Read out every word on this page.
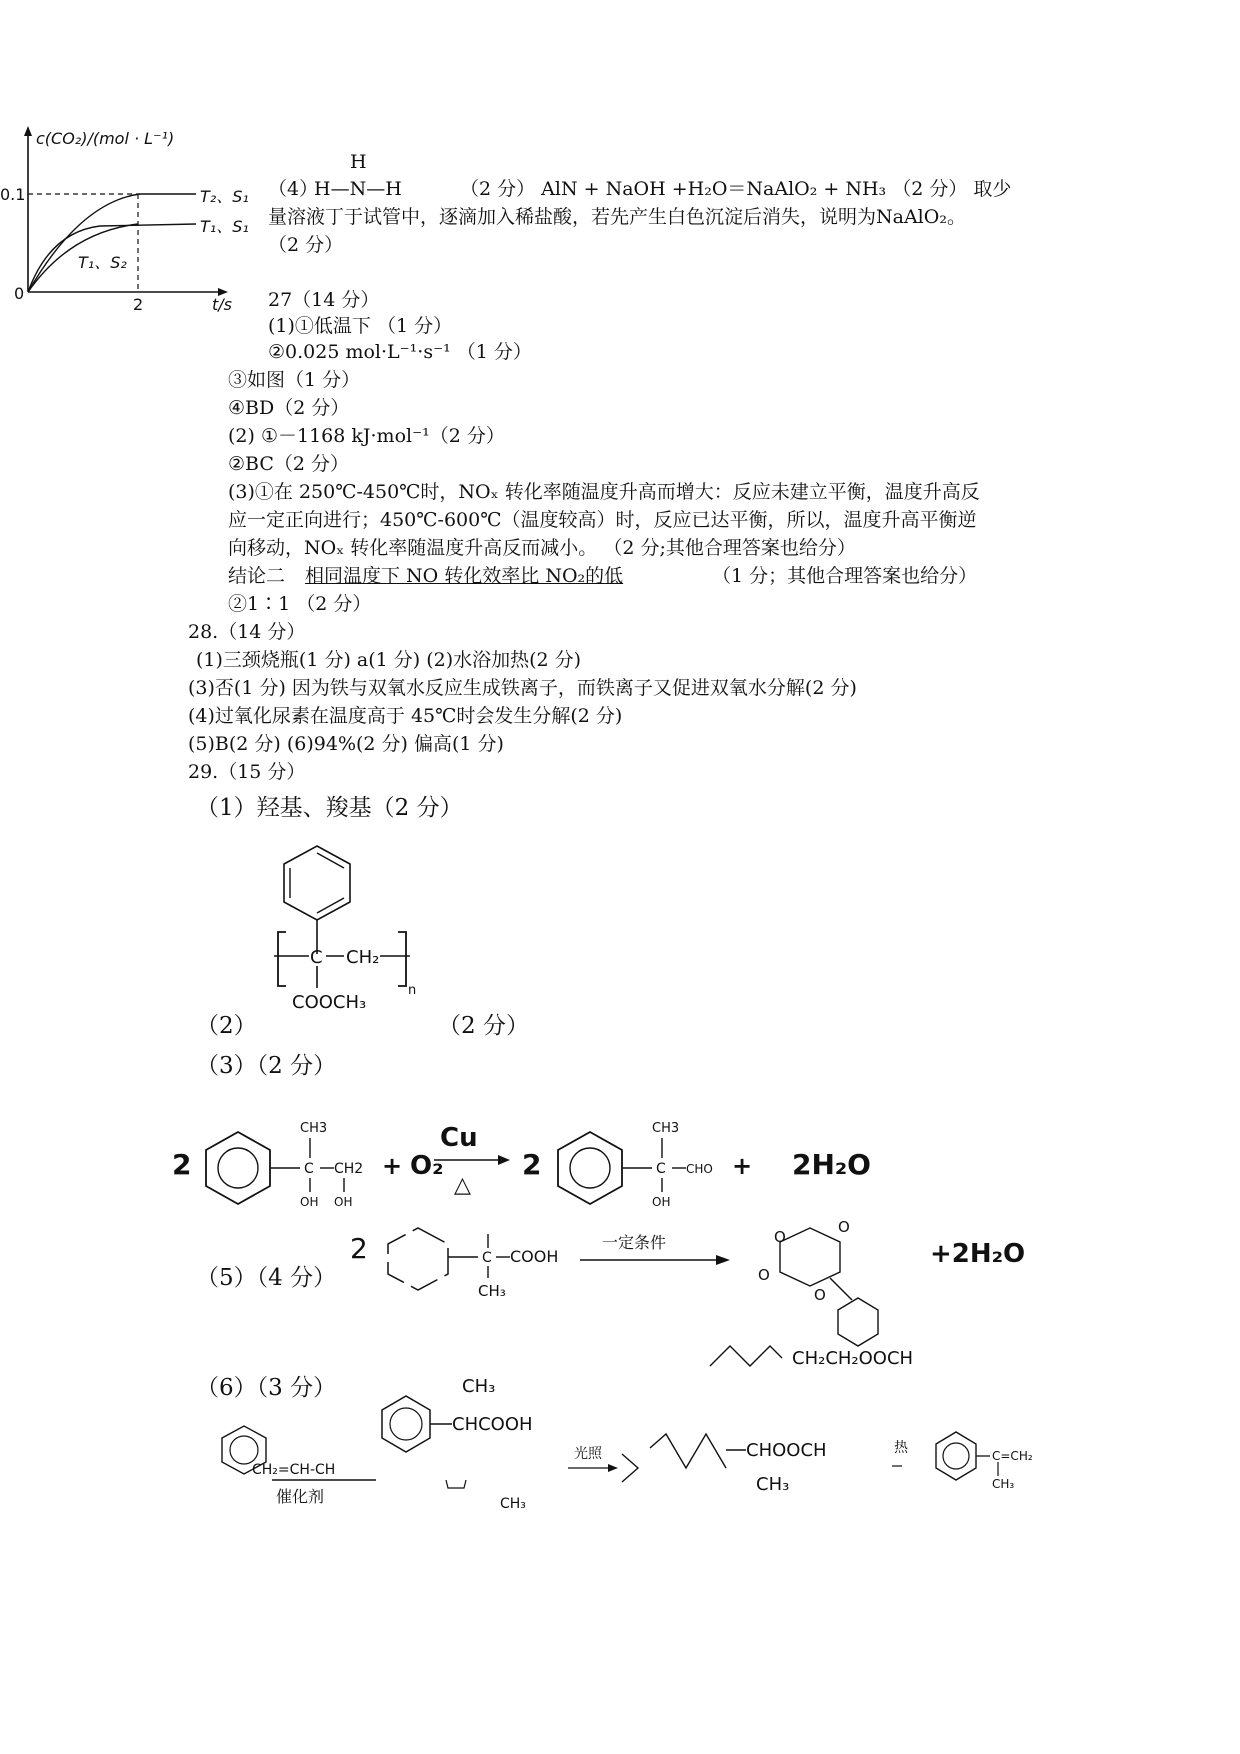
c(CO₂)/(mol · L⁻¹)
0.1
0
2	t/s
T₂、S₁
T₁、S₁
T₁、S₂
H
（4）
H—N—H	（2 分） AlN + NaOH +H₂O＝NaAlO₂ + NH₃ （2 分） 取少
量溶液丁于试管中，逐滴加入稀盐酸，若先产生白色沉淀后消失，说明为NaAlO₂。
（2 分）
27（14 分）
(1)①低温下 （1 分）
②0.025 mol·L⁻¹·s⁻¹ （1 分）
③如图（1 分）
④BD（2 分）
(2) ①－1168 kJ·mol⁻¹（2 分）
②BC（2 分）
(3)①在 250℃-450℃时，NOₓ 转化率随温度升高而增大：反应未建立平衡，温度升高反
应一定正向进行；450℃-600℃（温度较高）时，反应已达平衡，所以，温度升高平衡逆
向移动，NOₓ 转化率随温度升高反而减小。 （2 分;其他合理答案也给分）
结论二 相同温度下 NO 转化效率比 NO₂的低	（1 分；其他合理答案也给分）
②1∶1 （2 分）
28.（14 分）
(1)三颈烧瓶(1 分) a(1 分) (2)水浴加热(2 分)
(3)否(1 分) 因为铁与双氧水反应生成铁离子，而铁离子又促进双氧水分解(2 分)
(4)过氧化尿素在温度高于 45℃时会发生分解(2 分)
(5)B(2 分) (6)94%(2 分) 偏高(1 分)
29.（15 分）
（1）羟基、羧基（2 分）
C CH₂
COOCH₃
n
（2）	（2 分）
（3）（2 分）
2	C CH2
CH3
OH OH
+ O₂
Cu
△
2	C
CH3
CHO
OH
+ 2H₂O
（5）（4 分）
2	C COOH
CH₃
一定条件	O
O
O
O
+2H₂O
（6）（3 分）
CH₂CH₂OOCH
CH₂=CH-CH
催化剂
CH₃
CHCOOH
CH₃
光照	CHOOCH
CH₃
热	C=CH₂
CH₃
